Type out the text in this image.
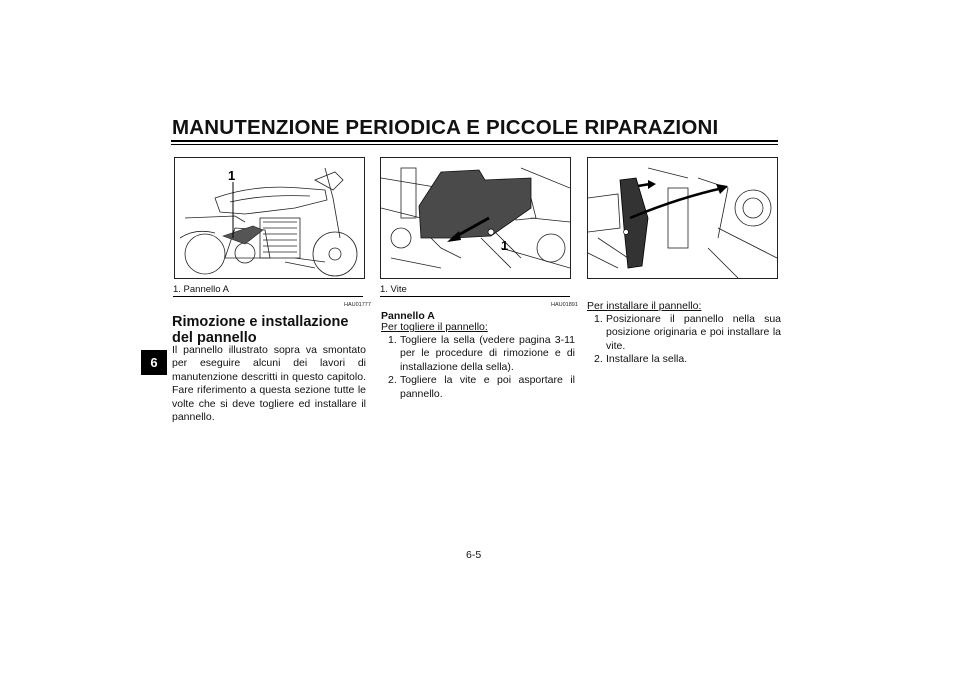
MANUTENZIONE PERIODICA E PICCOLE RIPARAZIONI
6
1
1. Pannello A
1
1. Vite
HAU01777
Rimozione e installazione del pannello
Il pannello illustrato sopra va smontato per eseguire alcuni dei lavori di manutenzione descritti in questo capitolo. Fare riferimento a questa sezione tutte le volte che si deve togliere ed installare il pannello.
HAU01891
Pannello A
Per togliere il pannello:
1. Togliere la sella (vedere pagina 3-11 per le procedure di rimozione e di installazione della sella).
2. Togliere la vite e poi asportare il pannello.
Per installare il pannello:
1. Posizionare il pannello nella sua posizione originaria e poi installare la vite.
2. Installare la sella.
6-5
